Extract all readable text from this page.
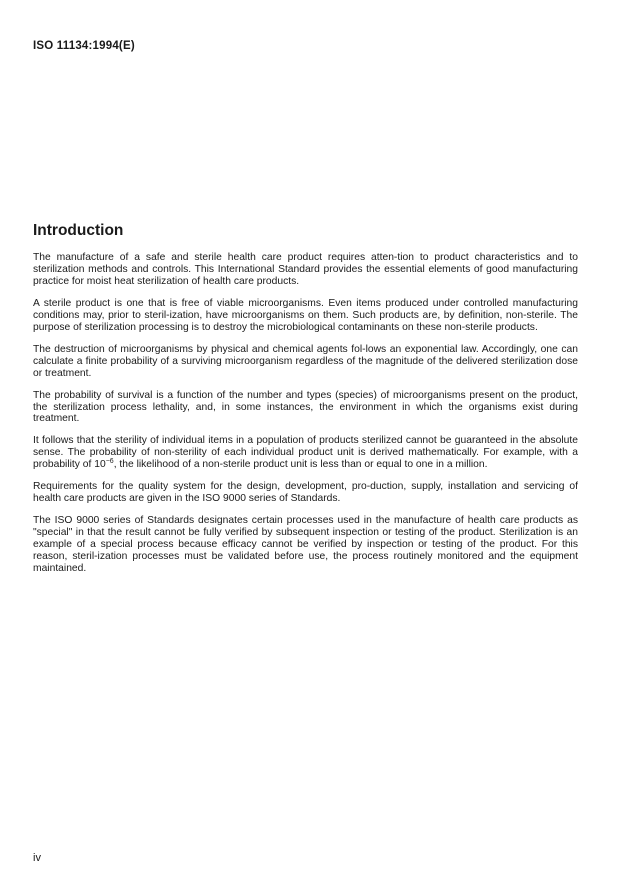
ISO 11134:1994(E)
Introduction

The manufacture of a safe and sterile health care product requires atten-tion to product characteristics and to sterilization methods and controls. This International Standard provides the essential elements of good manufacturing practice for moist heat sterilization of health care products.

A sterile product is one that is free of viable microorganisms. Even items produced under controlled manufacturing conditions may, prior to steril-ization, have microorganisms on them. Such products are, by definition, non-sterile. The purpose of sterilization processing is to destroy the microbiological contaminants on these non-sterile products.

The destruction of microorganisms by physical and chemical agents fol-lows an exponential law. Accordingly, one can calculate a finite probability of a surviving microorganism regardless of the magnitude of the delivered sterilization dose or treatment.

The probability of survival is a function of the number and types (species) of microorganisms present on the product, the sterilization process lethality, and, in some instances, the environment in which the organisms exist during treatment.

It follows that the sterility of individual items in a population of products sterilized cannot be guaranteed in the absolute sense. The probability of non-sterility of each individual product unit is derived mathematically. For example, with a probability of $10^{-6}$, the likelihood of a non-sterile product unit is less than or equal to one in a million.

Requirements for the quality system for the design, development, pro-duction, supply, installation and servicing of health care products are given in the ISO 9000 series of Standards.

The ISO 9000 series of Standards designates certain processes used in the manufacture of health care products as "special" in that the result cannot be fully verified by subsequent inspection or testing of the product. Sterilization is an example of a special process because efficacy cannot be verified by inspection or testing of the product. For this reason, steril-ization processes must be validated before use, the process routinely monitored and the equipment maintained.

iv
